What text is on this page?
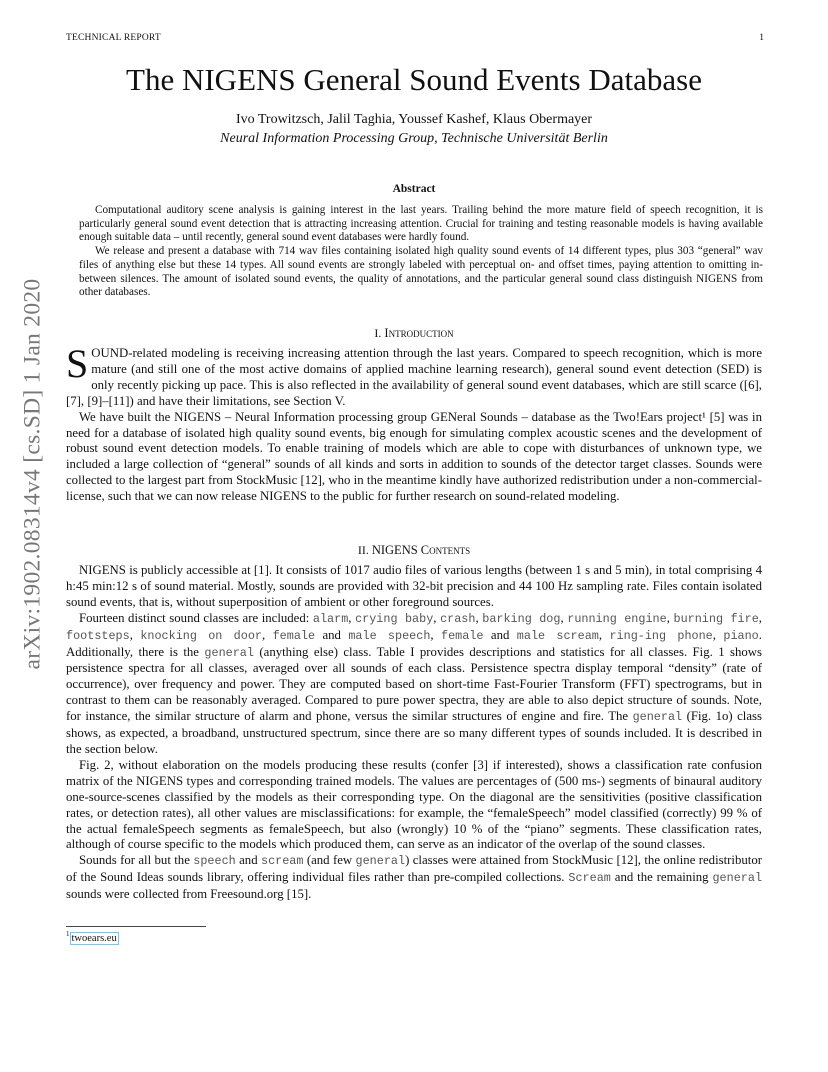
TECHNICAL REPORT	1
The NIGENS General Sound Events Database
Ivo Trowitzsch, Jalil Taghia, Youssef Kashef, Klaus Obermayer
Neural Information Processing Group, Technische Universität Berlin
Abstract

Computational auditory scene analysis is gaining interest in the last years. Trailing behind the more mature field of speech recognition, it is particularly general sound event detection that is attracting increasing attention. Crucial for training and testing reasonable models is having available enough suitable data – until recently, general sound event databases were hardly found.

We release and present a database with 714 wav files containing isolated high quality sound events of 14 different types, plus 303 “general” wav files of anything else but these 14 types. All sound events are strongly labeled with perceptual on- and offset times, paying attention to omitting in-between silences. The amount of isolated sound events, the quality of annotations, and the particular general sound class distinguish NIGENS from other databases.

arXiv:1902.08314v4 [cs.SD] 1 Jan 2020	I. Introduction

SOUND-related modeling is receiving increasing attention through the last years. Compared to speech recognition, which is more mature (and still one of the most active domains of applied machine learning research), general sound event detection (SED) is only recently picking up pace. This is also reflected in the availability of general sound event databases, which are still scarce ([6], [7], [9]–[11]) and have their limitations, see Section V.

We have built the NIGENS – Neural Information processing group GENeral Sounds – database as the Two!Ears project¹ [5] was in need for a database of isolated high quality sound events, big enough for simulating complex acoustic scenes and the development of robust sound event detection models. To enable training of models which are able to cope with disturbances of unknown type, we included a large collection of “general” sounds of all kinds and sorts in addition to sounds of the detector target classes. Sounds were collected to the largest part from StockMusic [12], who in the meantime kindly have authorized redistribution under a non-commercial-license, such that we can now release NIGENS to the public for further research on sound-related modeling.

II. NIGENS Contents

NIGENS is publicly accessible at [1]. It consists of 1017 audio files of various lengths (between 1 s and 5 min), in total comprising 4 h:45 min:12 s of sound material. Mostly, sounds are provided with 32-bit precision and 44 100 Hz sampling rate. Files contain isolated sound events, that is, without superposition of ambient or other foreground sources.

Fourteen distinct sound classes are included: alarm, crying baby, crash, barking dog, running engine, burning fire, footsteps, knocking on door, female and male speech, female and male scream, ring-ing phone, piano. Additionally, there is the general (anything else) class. Table I provides descriptions and statistics for all classes. Fig. 1 shows persistence spectra for all classes, averaged over all sounds of each class. Persistence spectra display temporal “density” (rate of occurrence), over frequency and power. They are computed based on short-time Fast-Fourier Transform (FFT) spectrograms, but in contrast to them can be reasonably averaged. Compared to pure power spectra, they are able to also depict structure of sounds. Note, for instance, the similar structure of alarm and phone, versus the similar structures of engine and fire. The general (Fig. 1o) class shows, as expected, a broadband, unstructured spectrum, since there are so many different types of sounds included. It is described in the section below.

Fig. 2, without elaboration on the models producing these results (confer [3] if interested), shows a classification rate confusion matrix of the NIGENS types and corresponding trained models. The values are percentages of (500 ms-) segments of binaural auditory one-source-scenes classified by the models as their corresponding type. On the diagonal are the sensitivities (positive classification rates, or detection rates), all other values are misclassifications: for example, the “femaleSpeech” model classified (correctly) 99 % of the actual femaleSpeech segments as femaleSpeech, but also (wrongly) 10 % of the “piano” segments. These classification rates, although of course specific to the models which produced them, can serve as an indicator of the overlap of the sound classes.

Sounds for all but the speech and scream (and few general) classes were attained from StockMusic [12], the online redistributor of the Sound Ideas sounds library, offering individual files rather than pre-compiled collections. Scream and the remaining general sounds were collected from Freesound.org [15].

$^1$ twoears.eu
